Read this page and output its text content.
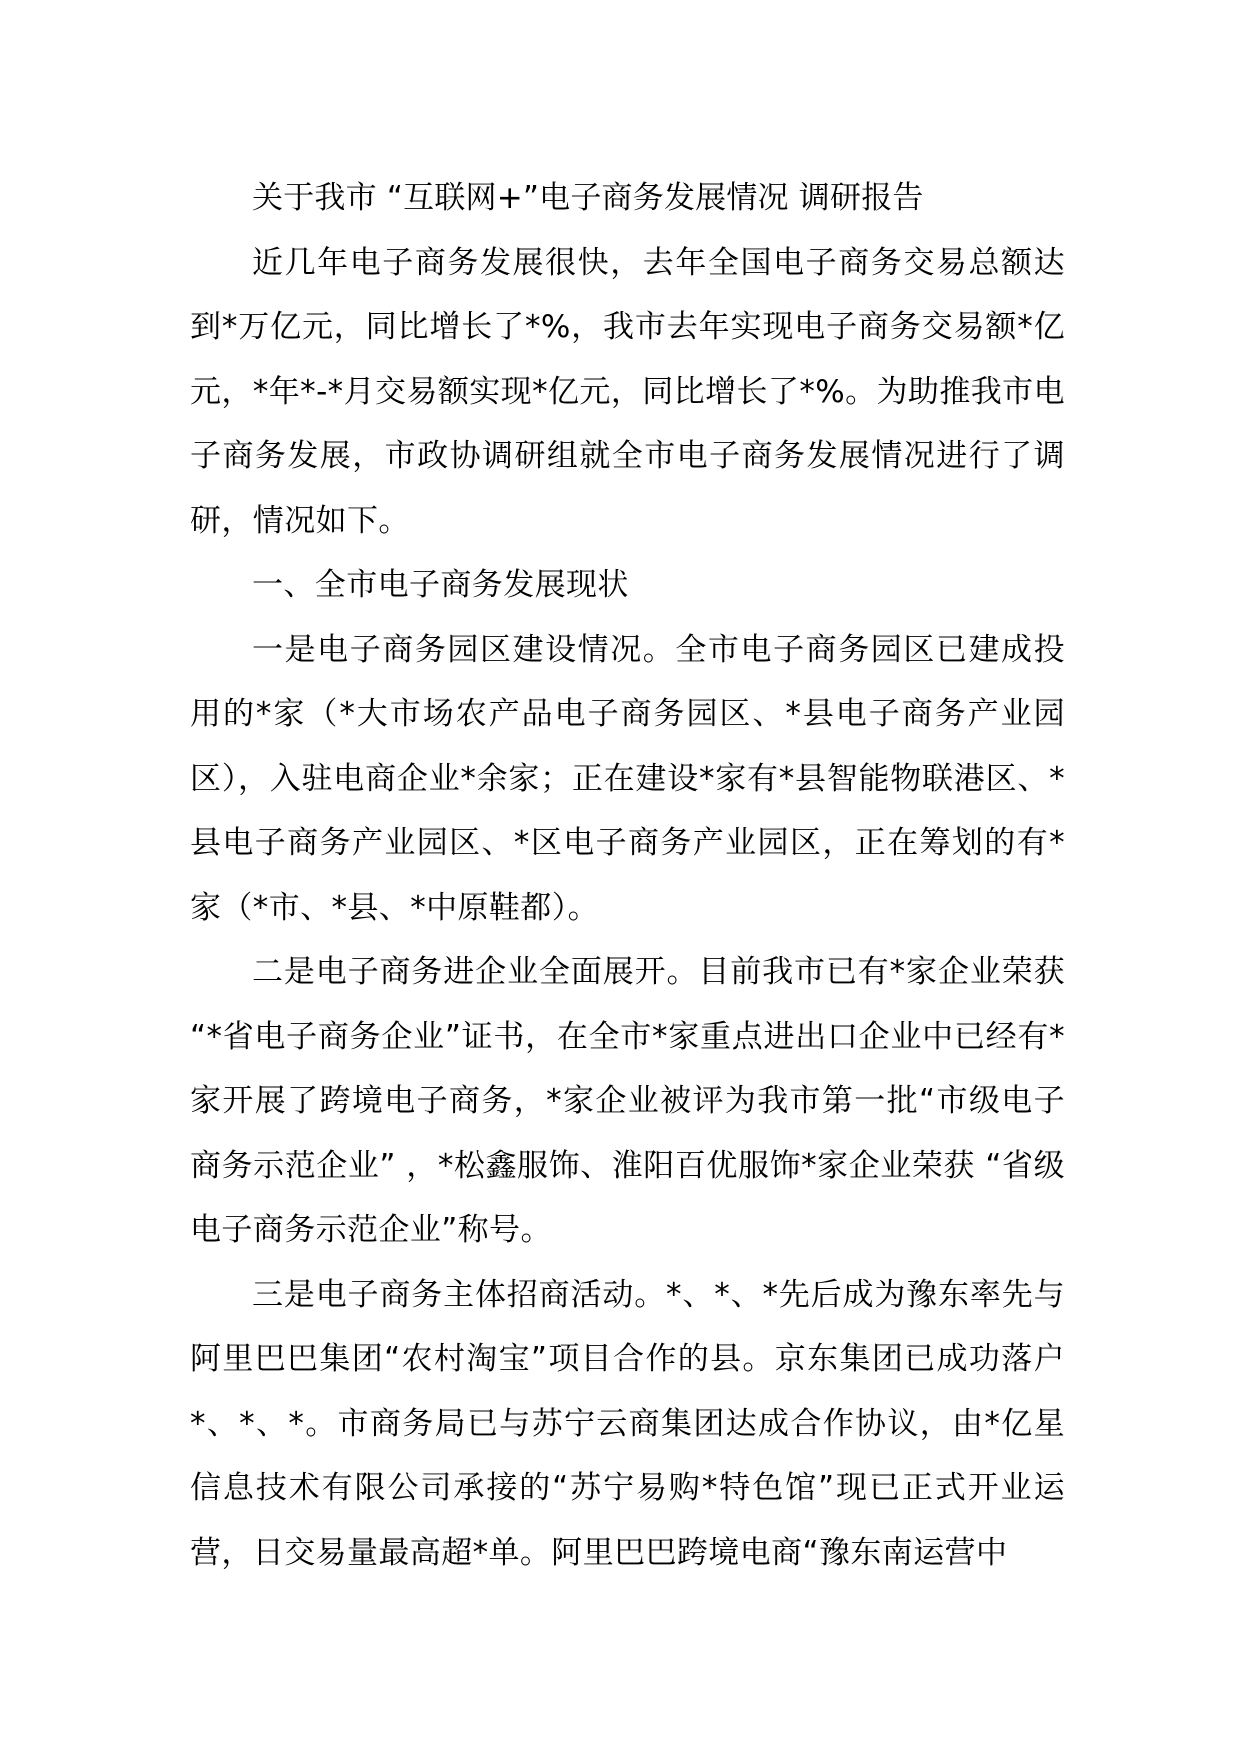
关于我市 “互联网+”电子商务发展情况 调研报告

近几年电子商务发展很快，去年全国电子商务交易总额达到*万亿元，同比增长了*%，我市去年实现电子商务交易额*亿元，*年*-*月交易额实现*亿元，同比增长了*%。为助推我市电子商务发展，市政协调研组就全市电子商务发展情况进行了调研，情况如下。

一、全市电子商务发展现状

一是电子商务园区建设情况。全市电子商务园区已建成投用的*家（*大市场农产品电子商务园区、*县电子商务产业园区），入驻电商企业*余家；正在建设*家有*县智能物联港区、*县电子商务产业园区、*区电子商务产业园区，正在筹划的有*家（*市、*县、*中原鞋都）。

二是电子商务进企业全面展开。目前我市已有*家企业荣获 “*省电子商务企业”证书，在全市*家重点进出口企业中已经有*家开展了跨境电子商务，*家企业被评为我市第一批“市级电子商务示范企业” ，*松鑫服饰、淮阳百优服饰*家企业荣获 “省级电子商务示范企业”称号。

三是电子商务主体招商活动。*、*、*先后成为豫东率先与阿里巴巴集团“农村淘宝”项目合作的县。京东集团已成功落户*、*、*。市商务局已与苏宁云商集团达成合作协议，由*亿星信息技术有限公司承接的“苏宁易购*特色馆”现已正式开业运营，日交易量最高超*单。阿里巴巴跨境电商“豫东南运营中
